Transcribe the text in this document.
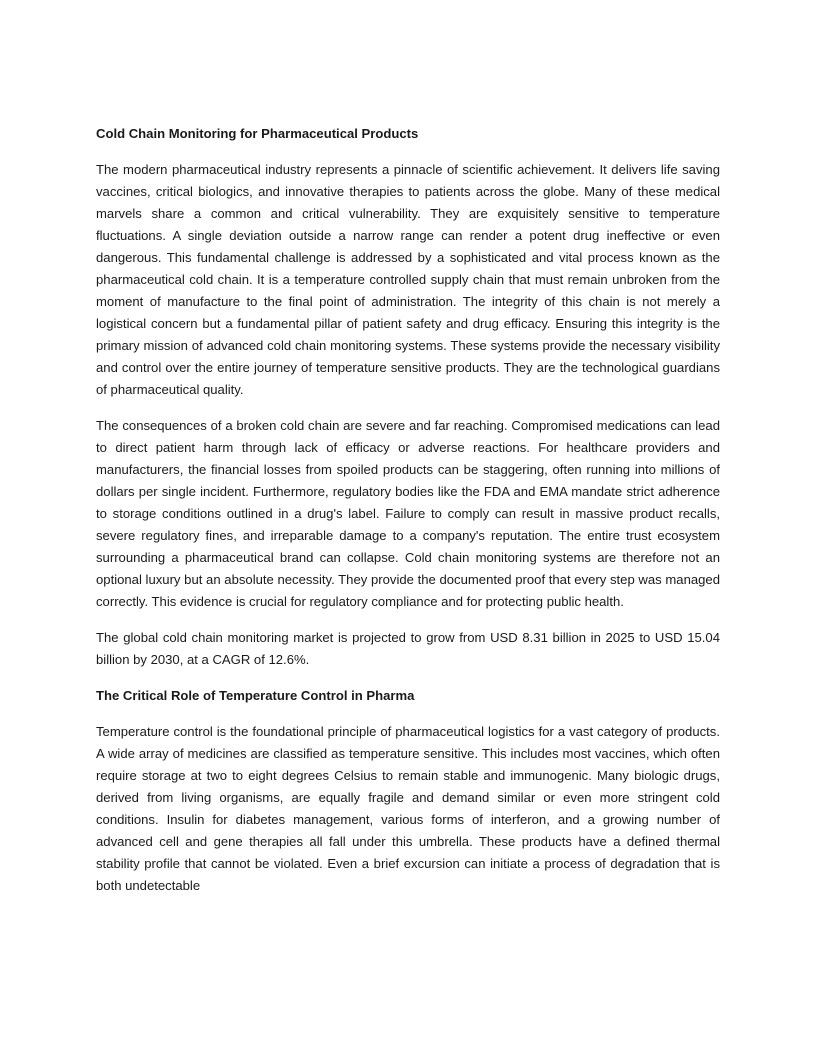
Cold Chain Monitoring for Pharmaceutical Products

The modern pharmaceutical industry represents a pinnacle of scientific achievement. It delivers life saving vaccines, critical biologics, and innovative therapies to patients across the globe. Many of these medical marvels share a common and critical vulnerability. They are exquisitely sensitive to temperature fluctuations. A single deviation outside a narrow range can render a potent drug ineffective or even dangerous. This fundamental challenge is addressed by a sophisticated and vital process known as the pharmaceutical cold chain. It is a temperature controlled supply chain that must remain unbroken from the moment of manufacture to the final point of administration. The integrity of this chain is not merely a logistical concern but a fundamental pillar of patient safety and drug efficacy. Ensuring this integrity is the primary mission of advanced cold chain monitoring systems. These systems provide the necessary visibility and control over the entire journey of temperature sensitive products. They are the technological guardians of pharmaceutical quality.

The consequences of a broken cold chain are severe and far reaching. Compromised medications can lead to direct patient harm through lack of efficacy or adverse reactions. For healthcare providers and manufacturers, the financial losses from spoiled products can be staggering, often running into millions of dollars per single incident. Furthermore, regulatory bodies like the FDA and EMA mandate strict adherence to storage conditions outlined in a drug's label. Failure to comply can result in massive product recalls, severe regulatory fines, and irreparable damage to a company's reputation. The entire trust ecosystem surrounding a pharmaceutical brand can collapse. Cold chain monitoring systems are therefore not an optional luxury but an absolute necessity. They provide the documented proof that every step was managed correctly. This evidence is crucial for regulatory compliance and for protecting public health.

The global cold chain monitoring market is projected to grow from USD 8.31 billion in 2025 to USD 15.04 billion by 2030, at a CAGR of 12.6%.

The Critical Role of Temperature Control in Pharma

Temperature control is the foundational principle of pharmaceutical logistics for a vast category of products. A wide array of medicines are classified as temperature sensitive. This includes most vaccines, which often require storage at two to eight degrees Celsius to remain stable and immunogenic. Many biologic drugs, derived from living organisms, are equally fragile and demand similar or even more stringent cold conditions. Insulin for diabetes management, various forms of interferon, and a growing number of advanced cell and gene therapies all fall under this umbrella. These products have a defined thermal stability profile that cannot be violated. Even a brief excursion can initiate a process of degradation that is both undetectable
